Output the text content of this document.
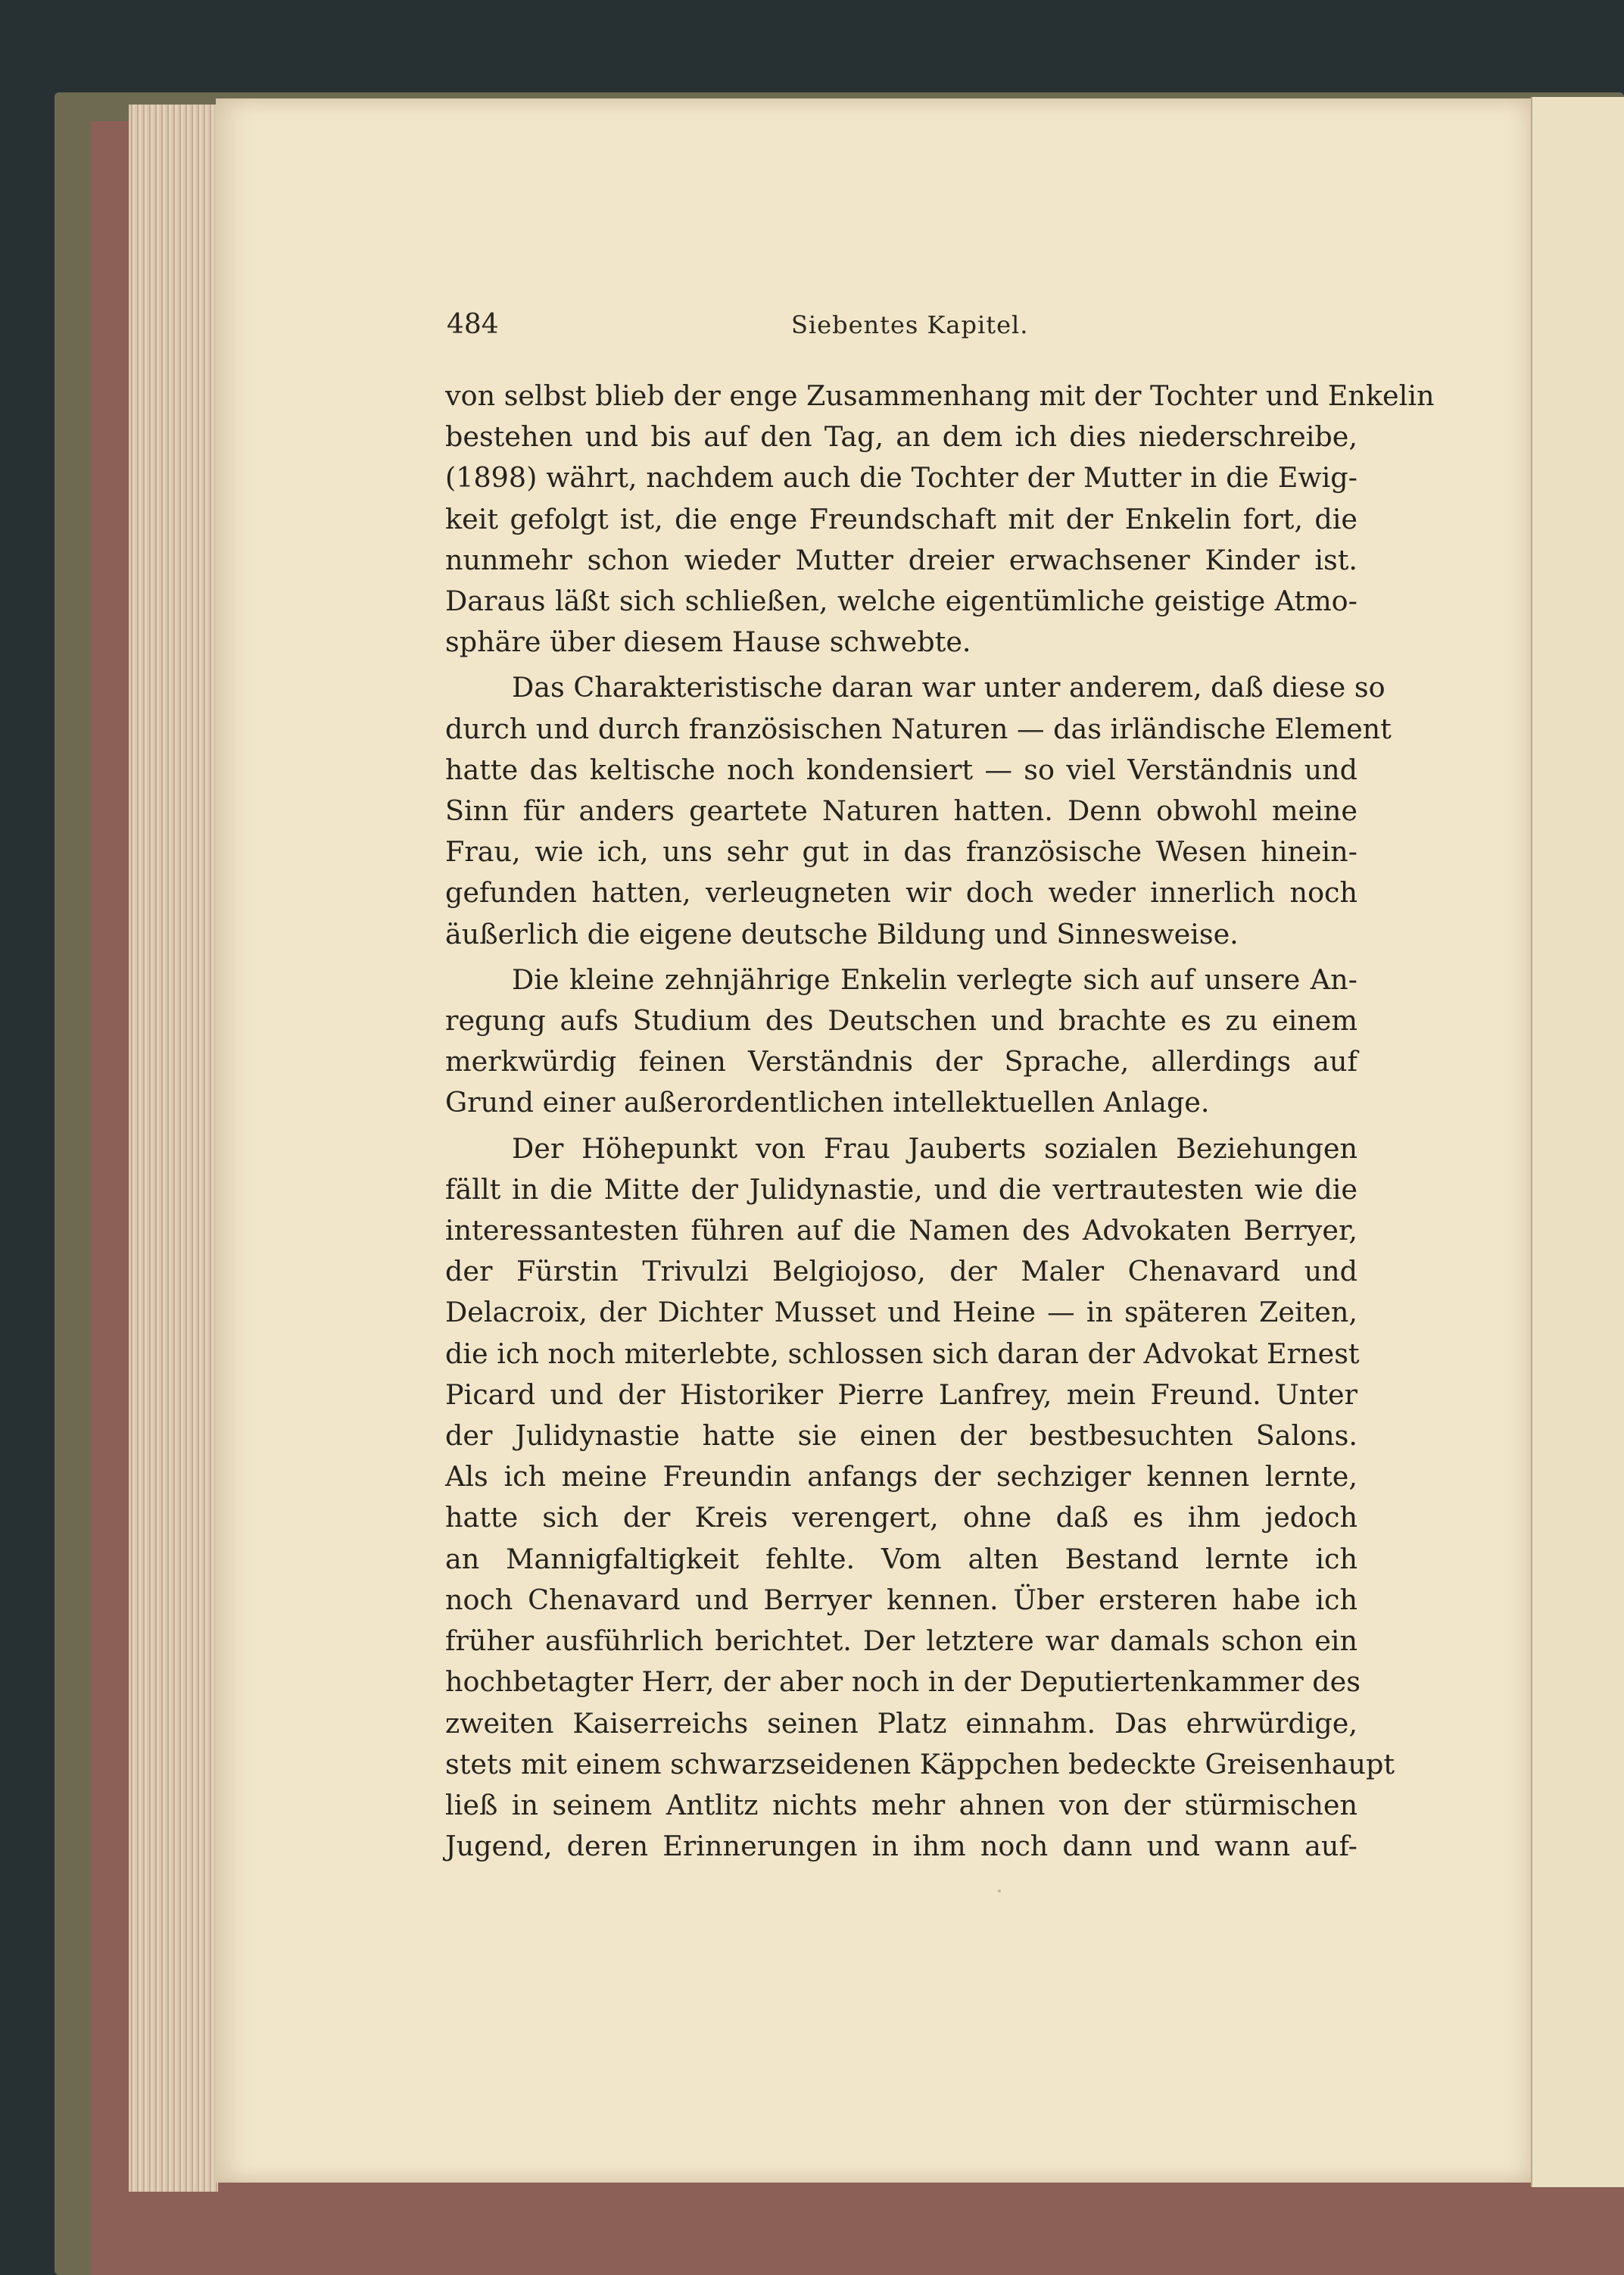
484	Siebentes Kapitel.
von selbst blieb der enge Zusammenhang mit der Tochter und Enkelin
bestehen und bis auf den Tag, an dem ich dies niederschreibe,
(1898) währt, nachdem auch die Tochter der Mutter in die Ewig-
keit gefolgt ist, die enge Freundschaft mit der Enkelin fort, die
nunmehr schon wieder Mutter dreier erwachsener Kinder ist.
Daraus läßt sich schließen, welche eigentümliche geistige Atmo-
sphäre über diesem Hause schwebte.
Das Charakteristische daran war unter anderem, daß diese so
durch und durch französischen Naturen — das irländische Element
hatte das keltische noch kondensiert — so viel Verständnis und
Sinn für anders geartete Naturen hatten. Denn obwohl meine
Frau, wie ich, uns sehr gut in das französische Wesen hinein-
gefunden hatten, verleugneten wir doch weder innerlich noch
äußerlich die eigene deutsche Bildung und Sinnesweise.
Die kleine zehnjährige Enkelin verlegte sich auf unsere An-
regung aufs Studium des Deutschen und brachte es zu einem
merkwürdig feinen Verständnis der Sprache, allerdings auf
Grund einer außerordentlichen intellektuellen Anlage.
Der Höhepunkt von Frau Jauberts sozialen Beziehungen
fällt in die Mitte der Julidynastie, und die vertrautesten wie die
interessantesten führen auf die Namen des Advokaten Berryer,
der Fürstin Trivulzi Belgiojoso, der Maler Chenavard und
Delacroix, der Dichter Musset und Heine — in späteren Zeiten,
die ich noch miterlebte, schlossen sich daran der Advokat Ernest
Picard und der Historiker Pierre Lanfrey, mein Freund. Unter
der Julidynastie hatte sie einen der bestbesuchten Salons.
Als ich meine Freundin anfangs der sechziger kennen lernte,
hatte sich der Kreis verengert, ohne daß es ihm jedoch
an Mannigfaltigkeit fehlte. Vom alten Bestand lernte ich
noch Chenavard und Berryer kennen. Über ersteren habe ich
früher ausführlich berichtet. Der letztere war damals schon ein
hochbetagter Herr, der aber noch in der Deputiertenkammer des
zweiten Kaiserreichs seinen Platz einnahm. Das ehrwürdige,
stets mit einem schwarzseidenen Käppchen bedeckte Greisenhaupt
ließ in seinem Antlitz nichts mehr ahnen von der stürmischen
Jugend, deren Erinnerungen in ihm noch dann und wann auf-
